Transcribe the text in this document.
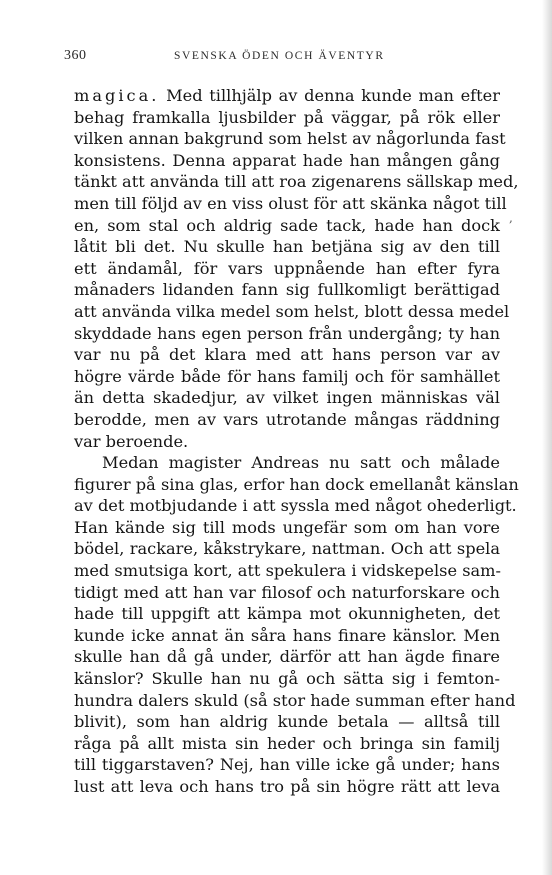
360	SVENSKA ÖDEN OCH ÄVENTYR
,
magica. Med tillhjälp av denna kunde man efter
behag framkalla ljusbilder på väggar, på rök eller
vilken annan bakgrund som helst av någorlunda fast
konsistens. Denna apparat hade han mången gång
tänkt att använda till att roa zigenarens sällskap med,
men till följd av en viss olust för att skänka något till
en, som stal och aldrig sade tack, hade han dock
låtit bli det. Nu skulle han betjäna sig av den till
ett ändamål, för vars uppnående han efter fyra
månaders lidanden fann sig fullkomligt berättigad
att använda vilka medel som helst, blott dessa medel
skyddade hans egen person från undergång; ty han
var nu på det klara med att hans person var av
högre värde både för hans familj och för samhället
än detta skadedjur, av vilket ingen människas väl
berodde, men av vars utrotande mångas räddning
var beroende.
Medan magister Andreas nu satt och målade
figurer på sina glas, erfor han dock emellanåt känslan
av det motbjudande i att syssla med något ohederligt.
Han kände sig till mods ungefär som om han vore
bödel, rackare, kåkstrykare, nattman. Och att spela
med smutsiga kort, att spekulera i vidskepelse sam-
tidigt med att han var filosof och naturforskare och
hade till uppgift att kämpa mot okunnigheten, det
kunde icke annat än såra hans finare känslor. Men
skulle han då gå under, därför att han ägde finare
känslor? Skulle han nu gå och sätta sig i femton-
hundra dalers skuld (så stor hade summan efter hand
blivit), som han aldrig kunde betala — alltså till
råga på allt mista sin heder och bringa sin familj
till tiggarstaven? Nej, han ville icke gå under; hans
lust att leva och hans tro på sin högre rätt att leva
